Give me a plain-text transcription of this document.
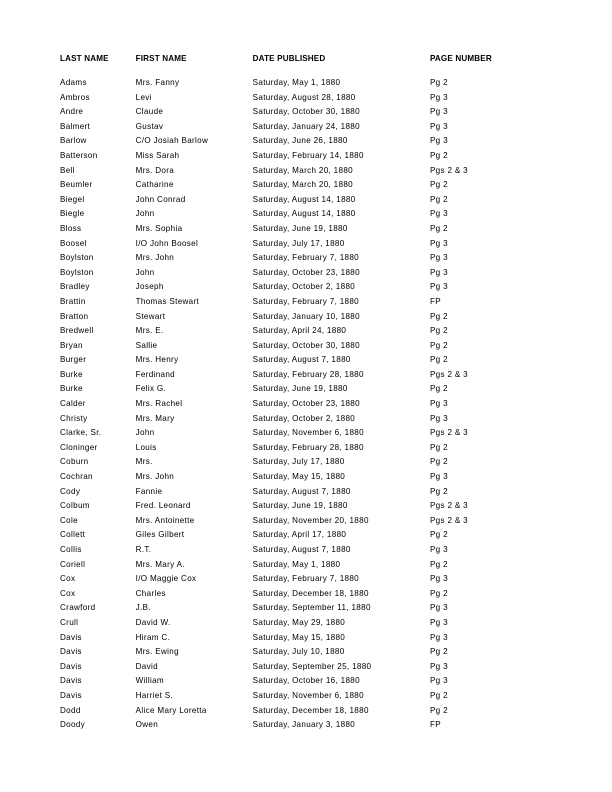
LAST NAME	FIRST NAME	DATE PUBLISHED	PAGE NUMBER
Adams	Mrs. Fanny	Saturday, May 1, 1880	Pg 2
Ambros	Levi	Saturday, August 28, 1880	Pg 3
Andre	Claude	Saturday, October 30, 1880	Pg 3
Balmert	Gustav	Saturday, January 24, 1880	Pg 3
Barlow	C/O Josiah Barlow	Saturday, June 26, 1880	Pg 3
Batterson	Miss Sarah	Saturday, February 14, 1880	Pg 2
Bell	Mrs. Dora	Saturday, March 20, 1880	Pgs 2 & 3
Beumler	Catharine	Saturday, March 20, 1880	Pg 2
Biegel	John Conrad	Saturday, August 14, 1880	Pg 2
Biegle	John	Saturday, August 14, 1880	Pg 3
Bloss	Mrs. Sophia	Saturday, June 19, 1880	Pg 2
Boosel	I/O John Boosel	Saturday, July 17, 1880	Pg 3
Boylston	Mrs. John	Saturday, February 7, 1880	Pg 3
Boylston	John	Saturday, October 23, 1880	Pg 3
Bradley	Joseph	Saturday, October 2, 1880	Pg 3
Brattin	Thomas Stewart	Saturday, February 7, 1880	FP
Bratton	Stewart	Saturday, January 10, 1880	Pg 2
Bredwell	Mrs. E.	Saturday, April 24, 1880	Pg 2
Bryan	Sallie	Saturday, October 30, 1880	Pg 2
Burger	Mrs. Henry	Saturday, August 7, 1880	Pg 2
Burke	Ferdinand	Saturday, February 28, 1880	Pgs 2 & 3
Burke	Felix G.	Saturday, June 19, 1880	Pg 2
Calder	Mrs. Rachel	Saturday, October 23, 1880	Pg 3
Christy	Mrs. Mary	Saturday, October 2, 1880	Pg 3
Clarke, Sr.	John	Saturday, November 6, 1880	Pgs 2 & 3
Cloninger	Louis	Saturday, February 28, 1880	Pg 2
Coburn	Mrs.	Saturday, July 17, 1880	Pg 2
Cochran	Mrs. John	Saturday, May 15, 1880	Pg 3
Cody	Fannie	Saturday, August 7, 1880	Pg 2
Colbum	Fred. Leonard	Saturday, June 19, 1880	Pgs 2 & 3
Cole	Mrs. Antoinette	Saturday, November 20, 1880	Pgs 2 & 3
Collett	Giles Gilbert	Saturday, April 17, 1880	Pg 2
Collis	R.T.	Saturday, August 7, 1880	Pg 3
Coriell	Mrs. Mary A.	Saturday, May 1, 1880	Pg 2
Cox	I/O Maggie Cox	Saturday, February 7, 1880	Pg 3
Cox	Charles	Saturday, December 18, 1880	Pg 2
Crawford	J.B.	Saturday, September 11, 1880	Pg 3
Crull	David W.	Saturday, May 29, 1880	Pg 3
Davis	Hiram C.	Saturday, May 15, 1880	Pg 3
Davis	Mrs. Ewing	Saturday, July 10, 1880	Pg 2
Davis	David	Saturday, September 25, 1880	Pg 3
Davis	William	Saturday, October 16, 1880	Pg 3
Davis	Harriet S.	Saturday, November 6, 1880	Pg 2
Dodd	Alice Mary Loretta	Saturday, December 18, 1880	Pg 2
Doody	Owen	Saturday, January 3, 1880	FP
